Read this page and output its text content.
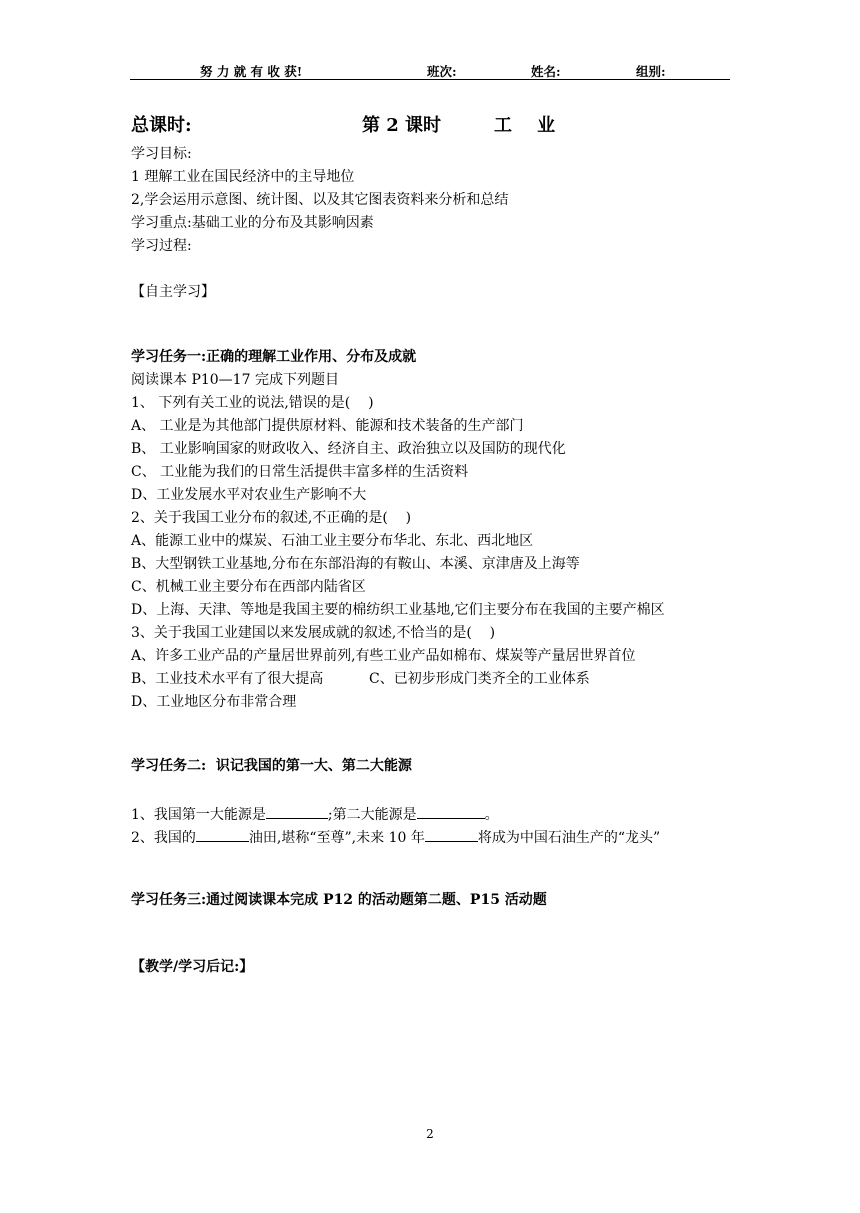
努 力 就 有 收 获!	班次:	姓名:	组别:
总课时:	第 2 课时	工    业
学习目标:
1 理解工业在国民经济中的主导地位
2,学会运用示意图、统计图、以及其它图表资料来分析和总结
学习重点:基础工业的分布及其影响因素
学习过程:
【自主学习】
学习任务一:正确的理解工业作用、分布及成就
阅读课本 P10—17 完成下列题目
1、 下列有关工业的说法,错误的是(    )
A、 工业是为其他部门提供原材料、能源和技术装备的生产部门
B、 工业影响国家的财政收入、经济自主、政治独立以及国防的现代化
C、 工业能为我们的日常生活提供丰富多样的生活资料
D、工业发展水平对农业生产影响不大
2、关于我国工业分布的叙述,不正确的是(    )
A、能源工业中的煤炭、石油工业主要分布华北、东北、西北地区
B、大型钢铁工业基地,分布在东部沿海的有鞍山、本溪、京津唐及上海等
C、机械工业主要分布在西部内陆省区
D、上海、天津、等地是我国主要的棉纺织工业基地,它们主要分布在我国的主要产棉区
3、关于我国工业建国以来发展成就的叙述,不恰当的是(    )
A、许多工业产品的产量居世界前列,有些工业产品如棉布、煤炭等产量居世界首位
B、工业技术水平有了很大提高	C、已初步形成门类齐全的工业体系
D、工业地区分布非常合理
学习任务二:  识记我国的第一大、第二大能源
1、我国第一大能源是	;第二大能源是	。
2、我国的	油田,堪称“至尊”,未来 10 年	将成为中国石油生产的“龙头”
学习任务三:通过阅读课本完成 P12 的活动题第二题、P15 活动题
【教学/学习后记:】
2
